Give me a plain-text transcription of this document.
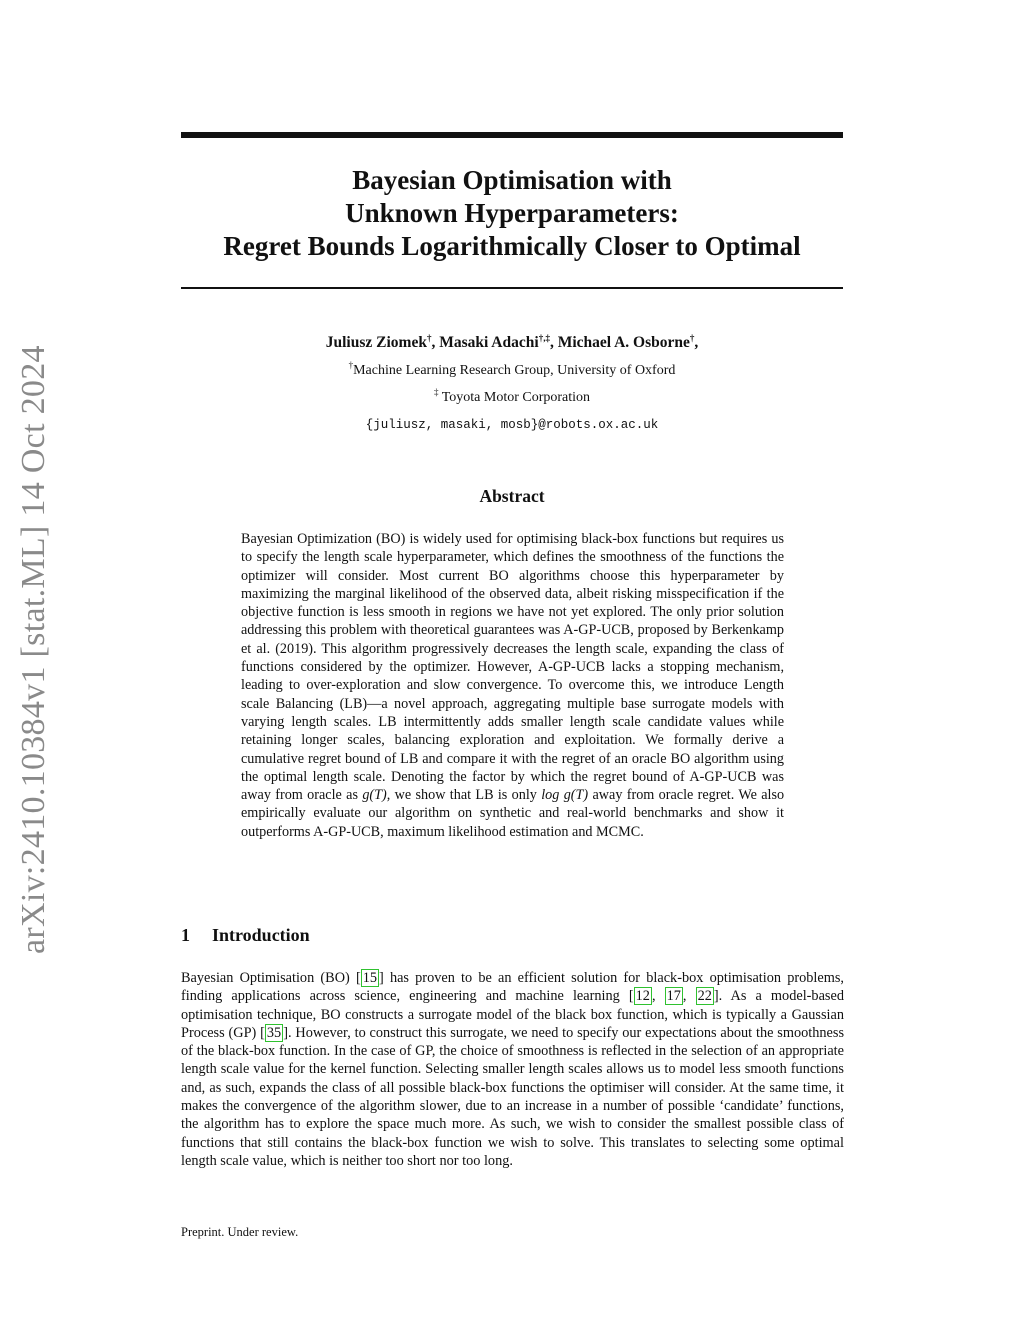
arXiv:2410.10384v1 [stat.ML] 14 Oct 2024
Bayesian Optimisation with
Unknown Hyperparameters:
Regret Bounds Logarithmically Closer to Optimal
Juliusz Ziomek†, Masaki Adachi†,‡, Michael A. Osborne†,
†Machine Learning Research Group, University of Oxford
‡ Toyota Motor Corporation
{juliusz, masaki, mosb}@robots.ox.ac.uk
Abstract

Bayesian Optimization (BO) is widely used for optimising black-box functions but requires us to specify the length scale hyperparameter, which defines the smoothness of the functions the optimizer will consider. Most current BO algorithms choose this hyperparameter by maximizing the marginal likelihood of the observed data, albeit risking misspecification if the objective function is less smooth in regions we have not yet explored. The only prior solution addressing this problem with theoretical guarantees was A-GP-UCB, proposed by Berkenkamp et al. (2019). This algorithm progressively decreases the length scale, expanding the class of functions considered by the optimizer. However, A-GP-UCB lacks a stopping mechanism, leading to over-exploration and slow convergence. To overcome this, we introduce Length scale Balancing (LB)—a novel approach, aggregating multiple base surrogate models with varying length scales. LB intermittently adds smaller length scale candidate values while retaining longer scales, balancing exploration and exploitation. We formally derive a cumulative regret bound of LB and compare it with the regret of an oracle BO algorithm using the optimal length scale. Denoting the factor by which the regret bound of A-GP-UCB was away from oracle as g(T), we show that LB is only log g(T) away from oracle regret. We also empirically evaluate our algorithm on synthetic and real-world benchmarks and show it outperforms A-GP-UCB, maximum likelihood estimation and MCMC.

1 Introduction

Bayesian Optimisation (BO) [ 15 ] has proven to be an efficient solution for black-box optimisation problems, finding applications across science, engineering and machine learning [ 12 , 17 , 22 ]. As a model-based optimisation technique, BO constructs a surrogate model of the black box function, which is typically a Gaussian Process (GP) [ 35 ]. However, to construct this surrogate, we need to specify our expectations about the smoothness of the black-box function. In the case of GP, the choice of smoothness is reflected in the selection of an appropriate length scale value for the kernel function. Selecting smaller length scales allows us to model less smooth functions and, as such, expands the class of all possible black-box functions the optimiser will consider. At the same time, it makes the convergence of the algorithm slower, due to an increase in a number of possible ‘candidate’ functions, the algorithm has to explore the space much more. As such, we wish to consider the smallest possible class of functions that still contains the black-box function we wish to solve. This translates to selecting some optimal length scale value, which is neither too short nor too long.

Preprint. Under review.
